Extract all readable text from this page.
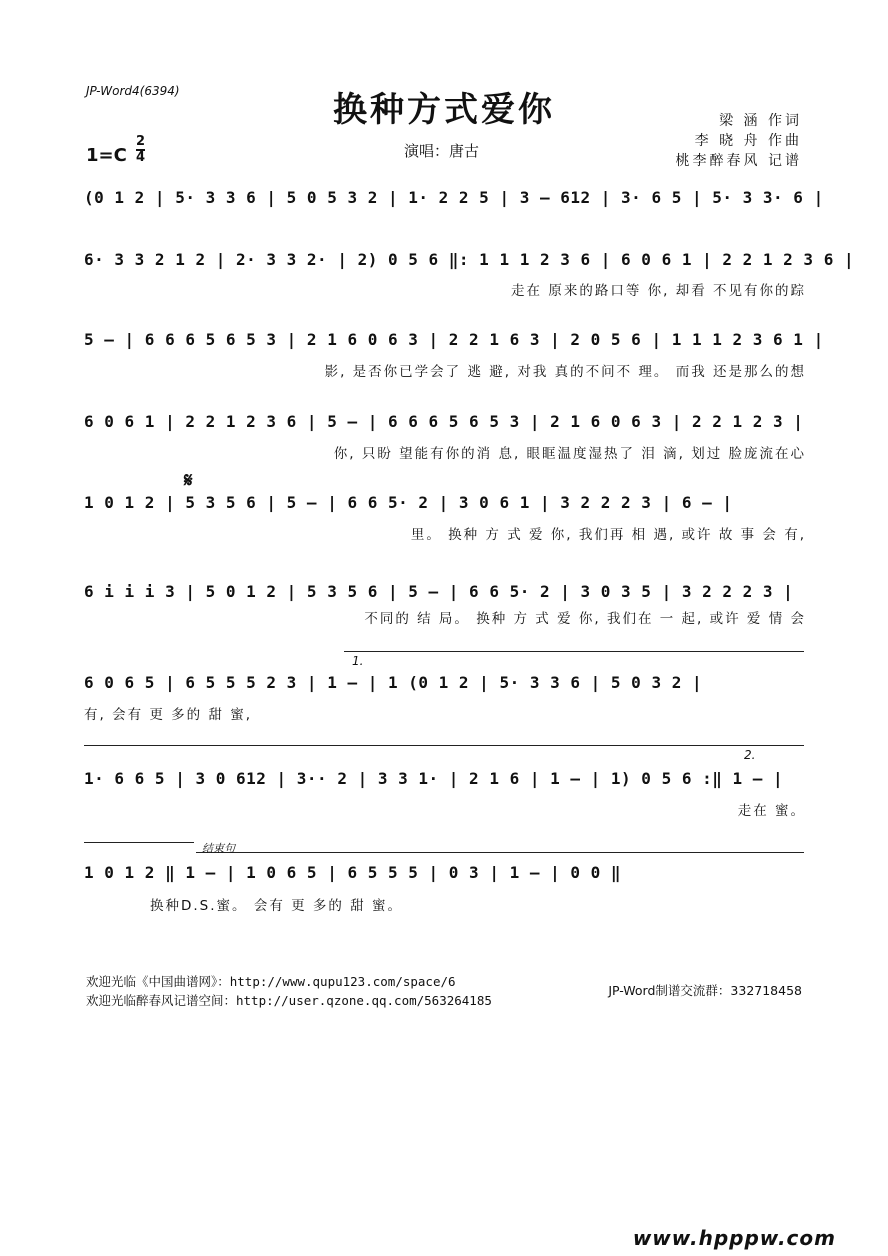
JP-Word4(6394)	换种方式爱你
1=C
2
4	演唱：唐古
梁 涵 作词
李 晓 舟 作曲
桃李醉春风 记谱
(0 1 2 | 5· 3 3 6 | 5 0 5 3 2 | 1· 2 2 5 | 3 – 612 | 3· 6 5 | 5· 3 3· 6 |
6· 3 3 2 1 2 | 2· 3 3 2· | 2) 0 5 6 ‖: 1 1 1 2 3 6 | 6 0 6 1 | 2 2 1 2 3 6 |
走在 原来的路口等 你, 却看 不见有你的踪
5 – | 6 6 6 5 6 5 3 | 2 1 6 0 6 3 | 2 2 1 6 3 | 2 0 5 6 | 1 1 1 2 3 6 1 |
影, 是否你已学会了 逃 避, 对我 真的不问不 理。 而我 还是那么的想
6 0 6 1 | 2 2 1 2 3 6 | 5 – | 6 6 6 5 6 5 3 | 2 1 6 0 6 3 | 2 2 1 2 3 |
你, 只盼 望能有你的消 息, 眼眶温度湿热了 泪 滴, 划过 脸庞流在心
𝄋
1 0 1 2 | 5 3 5 6 | 5 – | 6 6 5· 2 | 3 0 6 1 | 3 2 2 2 3 | 6 – |
里。 换种 方 式 爱 你, 我们再 相 遇, 或许 故 事 会 有,
6 i i i 3 | 5 0 1 2 | 5 3 5 6 | 5 – | 6 6 5· 2 | 3 0 3 5 | 3 2 2 2 3 |
不同的 结 局。 换种 方 式 爱 你, 我们在 一 起, 或许 爱 情 会
1.
6 0 6 5 | 6 5 5 5 2 3 | 1 – | 1 (0 1 2 | 5· 3 3 6 | 5 0 3 2 |
有, 会有 更 多的 甜 蜜,
2.
1· 6 6 5 | 3 0 612 | 3·· 2 | 3 3 1· | 2 1 6 | 1 – | 1) 0 5 6 :‖ 1 – |
走在 蜜。
结束句
1 0 1 2 ‖ 1 – | 1 0 6 5 | 6 5 5 5 | 0 3 | 1 – | 0 0 ‖
换种D.S.蜜。 会有 更 多的 甜 蜜。
欢迎光临《中国曲谱网》：http://www.qupu123.com/space/6
欢迎光临醉春风记谱空间：http://user.qzone.qq.com/563264185
JP-Word制谱交流群：332718458
www.hpppw.com
